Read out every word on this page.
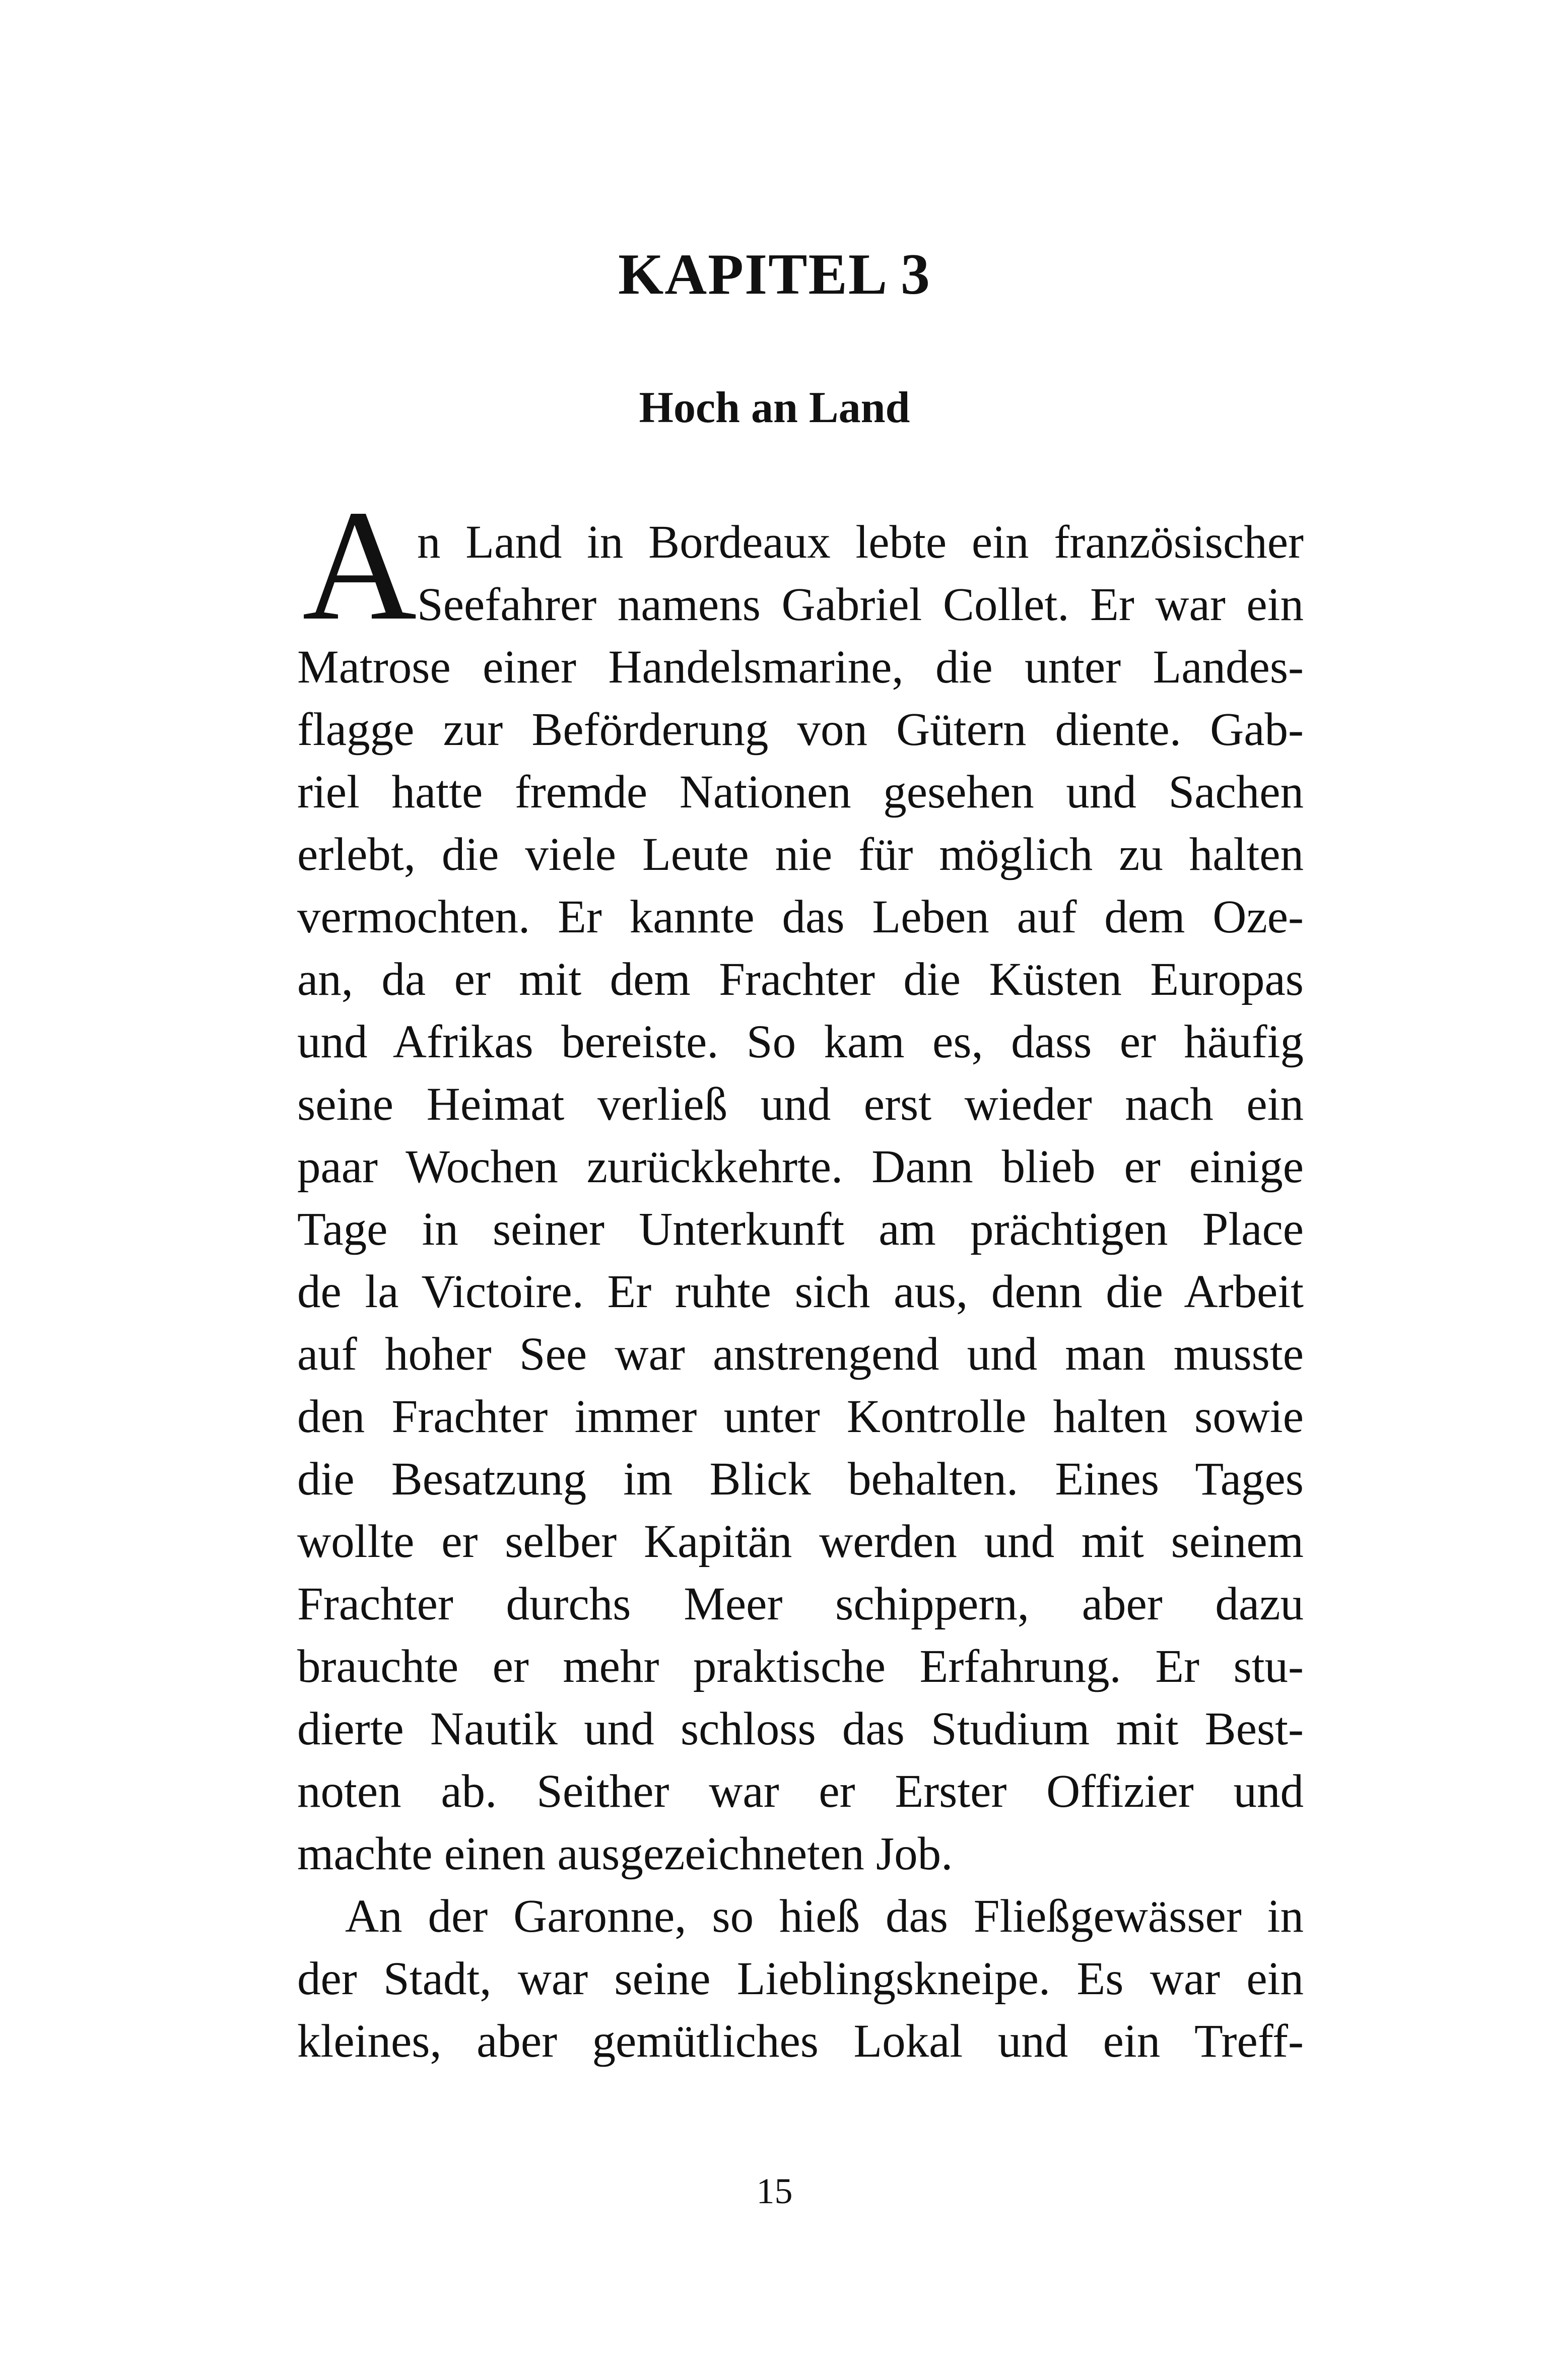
KAPITEL 3
Hoch an Land
A n Land in Bordeaux lebte ein französischer
Seefahrer namens Gabriel Collet. Er war ein
Matrose einer Handelsmarine, die unter Landes-
flagge zur Beförderung von Gütern diente. Gab-
riel hatte fremde Nationen gesehen und Sachen
erlebt, die viele Leute nie für möglich zu halten
vermochten. Er kannte das Leben auf dem Oze-
an, da er mit dem Frachter die Küsten Europas
und Afrikas bereiste. So kam es, dass er häufig
seine Heimat verließ und erst wieder nach ein
paar Wochen zurückkehrte. Dann blieb er einige
Tage in seiner Unterkunft am prächtigen Place
de la Victoire. Er ruhte sich aus, denn die Arbeit
auf hoher See war anstrengend und man musste
den Frachter immer unter Kontrolle halten sowie
die Besatzung im Blick behalten. Eines Tages
wollte er selber Kapitän werden und mit seinem
Frachter durchs Meer schippern, aber dazu
brauchte er mehr praktische Erfahrung. Er stu-
dierte Nautik und schloss das Studium mit Best-
noten ab. Seither war er Erster Offizier und
machte einen ausgezeichneten Job.
An der Garonne, so hieß das Fließgewässer in
der Stadt, war seine Lieblingskneipe. Es war ein
kleines, aber gemütliches Lokal und ein Treff-

15
